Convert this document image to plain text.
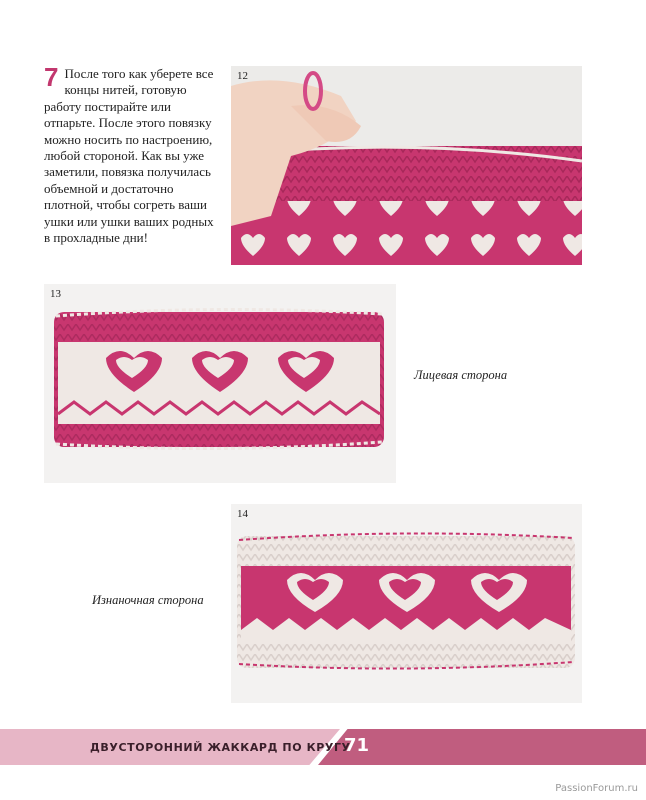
7 После того как уберете все концы нитей, готовую работу постирайте или отпарьте. После этого повязку можно носить по настроению, любой стороной. Как вы уже заметили, повязка получилась объемной и достаточно плотной, чтобы согреть ваши ушки или ушки ваших родных в прохладные дни!
12
13
Лицевая сторона
14
Изнаночная сторона
ДВУСТОРОННИЙ ЖАККАРД ПО КРУГУ
71
PassionForum.ru
